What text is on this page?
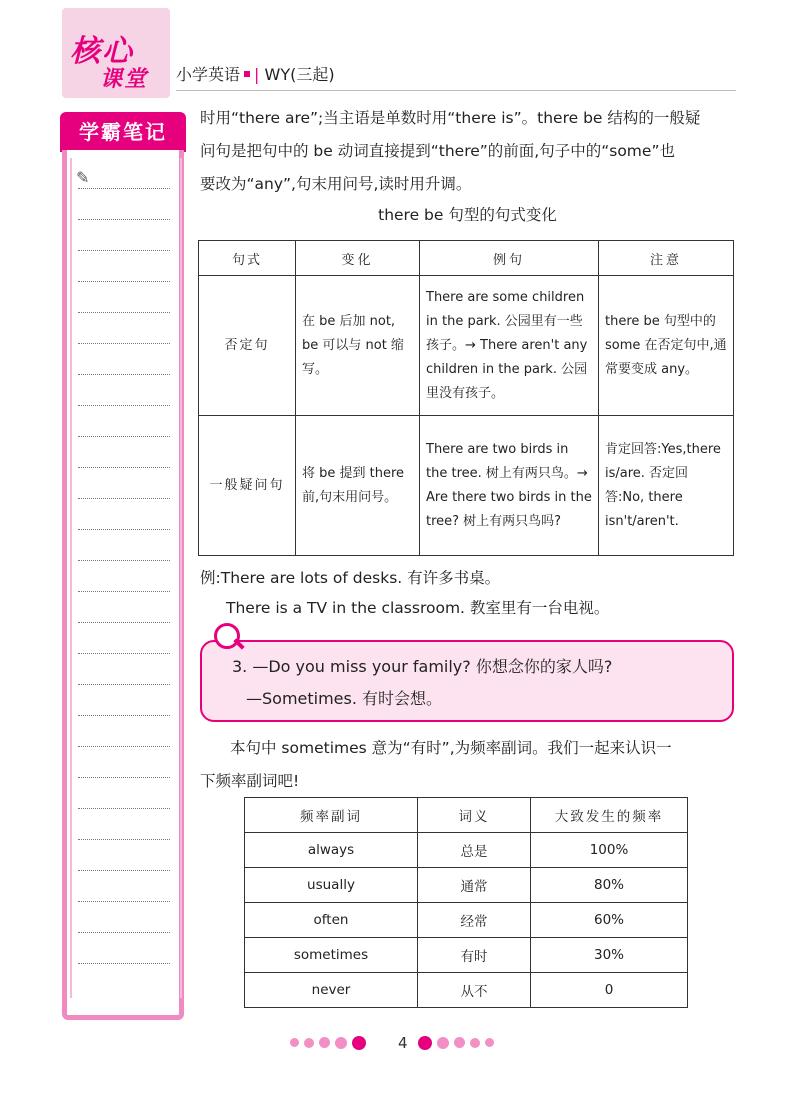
核心
课堂	小学英语 | WY(三起)
学霸笔记
✎
时用“there are”;当主语是单数时用“there is”。there be 结构的一般疑
问句是把句中的 be 动词直接提到“there”的前面,句子中的“some”也
要改为“any”,句末用问号,读时用升调。
there be 句型的句式变化
句式	变化	例句	注意
否定句	在 be 后加 not, be 可以与 not 缩写。	There are some children in the park. 公园里有一些孩子。→ There aren't any children in the park. 公园里没有孩子。	there be 句型中的 some 在否定句中,通常要变成 any。
一般疑问句	将 be 提到 there 前,句末用问号。	There are two birds in the tree. 树上有两只鸟。→ Are there two birds in the tree? 树上有两只鸟吗?	肯定回答:Yes,there is/are. 否定回答:No, there isn't/aren't.
例:There are lots of desks. 有许多书桌。
There is a TV in the classroom. 教室里有一台电视。
3. —Do you miss your family? 你想念你的家人吗?
—Sometimes. 有时会想。
本句中 sometimes 意为“有时”,为频率副词。我们一起来认识一
下频率副词吧!
频率副词	词义	大致发生的频率
always	总是	100%
usually	通常	80%
often	经常	60%
sometimes	有时	30%
never	从不	0
4
